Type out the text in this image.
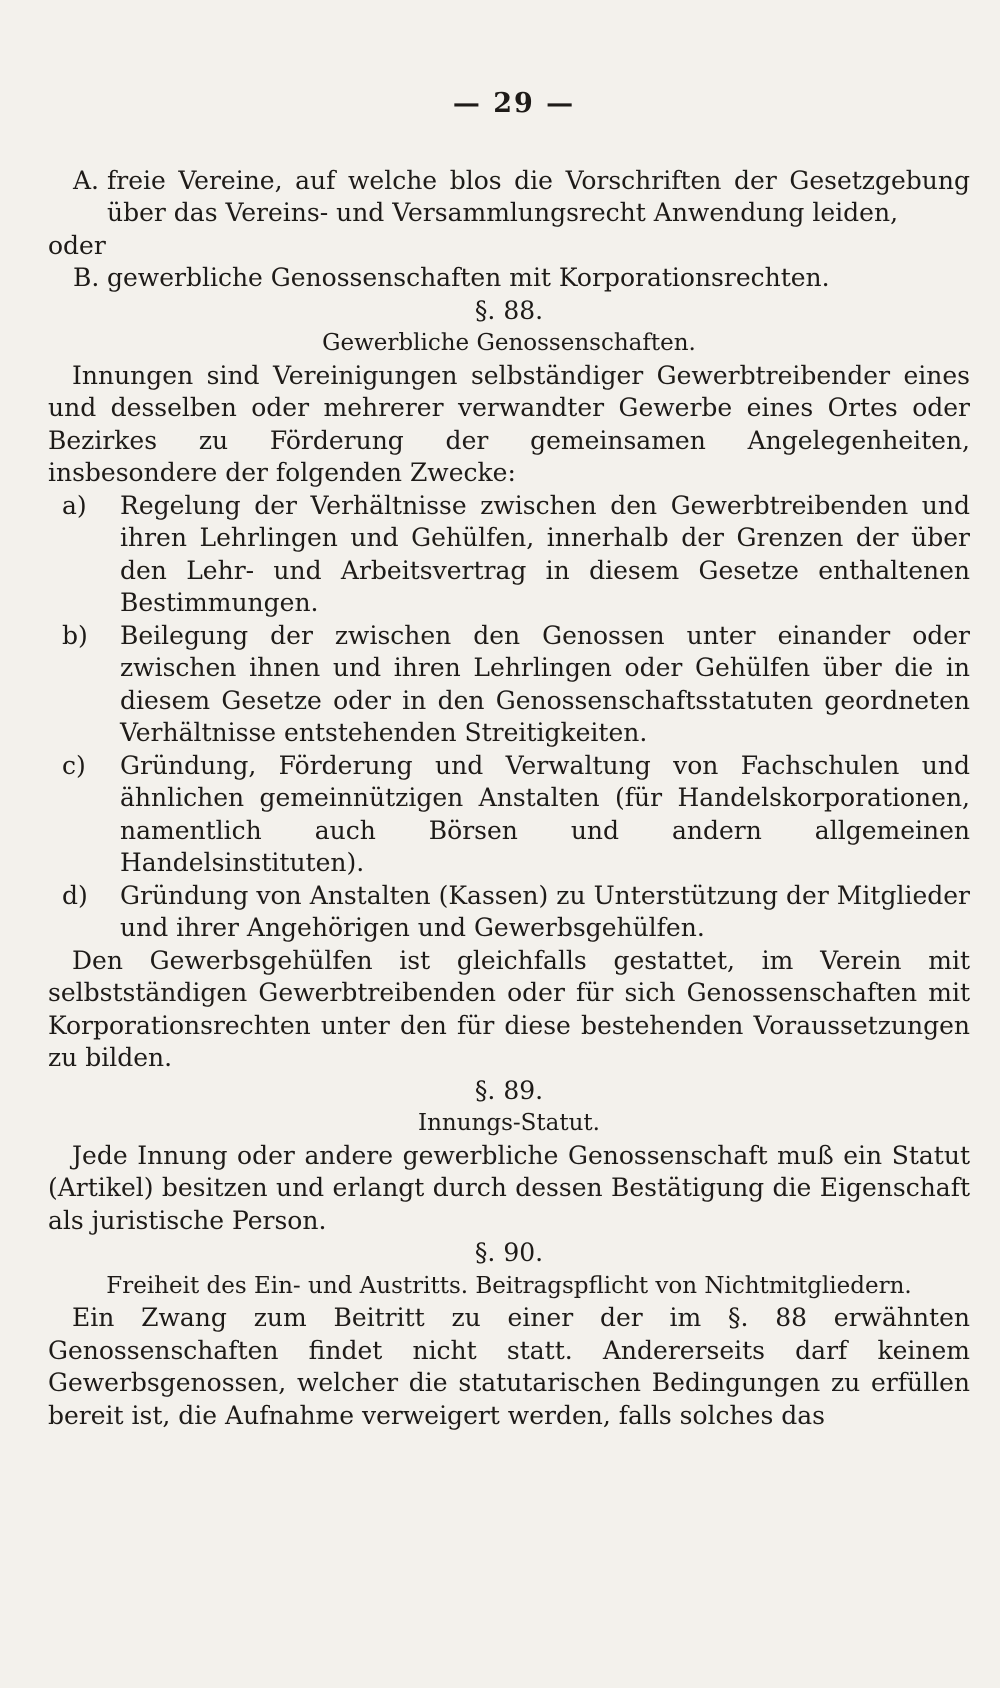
— 29 —
A. freie Vereine, auf welche blos die Vorschriften der Gesetzgebung über das Vereins- und Versammlungsrecht Anwendung leiden,
oder
B. gewerbliche Genossenschaften mit Korporationsrechten.
§. 88.
Gewerbliche Genossenschaften.
Innungen sind Vereinigungen selbständiger Gewerbtreibender eines und desselben oder mehrerer verwandter Gewerbe eines Ortes oder Bezirkes zu Förderung der gemeinsamen Angelegenheiten, insbesondere der folgenden Zwecke:
a)	Regelung der Verhältnisse zwischen den Gewerbtreibenden und ihren Lehrlingen und Gehülfen, innerhalb der Grenzen der über den Lehr- und Arbeitsvertrag in diesem Gesetze enthaltenen Bestimmungen.
b)	Beilegung der zwischen den Genossen unter einander oder zwischen ihnen und ihren Lehrlingen oder Gehülfen über die in diesem Gesetze oder in den Genossenschaftsstatuten geordneten Verhältnisse entstehenden Streitigkeiten.
c)	Gründung, Förderung und Verwaltung von Fachschulen und ähnlichen gemeinnützigen Anstalten (für Handelskorporationen, namentlich auch Börsen und andern allgemeinen Handelsinstituten).
d)	Gründung von Anstalten (Kassen) zu Unterstützung der Mitglieder und ihrer Angehörigen und Gewerbsgehülfen.
Den Gewerbsgehülfen ist gleichfalls gestattet, im Verein mit selbstständigen Gewerbtreibenden oder für sich Genossenschaften mit Korporationsrechten unter den für diese bestehenden Voraussetzungen zu bilden.
§. 89.
Innungs-Statut.
Jede Innung oder andere gewerbliche Genossenschaft muß ein Statut (Artikel) besitzen und erlangt durch dessen Bestätigung die Eigenschaft als juristische Person.
§. 90.
Freiheit des Ein- und Austritts. Beitragspflicht von Nichtmitgliedern.
Ein Zwang zum Beitritt zu einer der im §. 88 erwähnten Genossenschaften findet nicht statt. Andererseits darf keinem Gewerbsgenossen, welcher die statutarischen Bedingungen zu erfüllen bereit ist, die Aufnahme verweigert werden, falls solches das
